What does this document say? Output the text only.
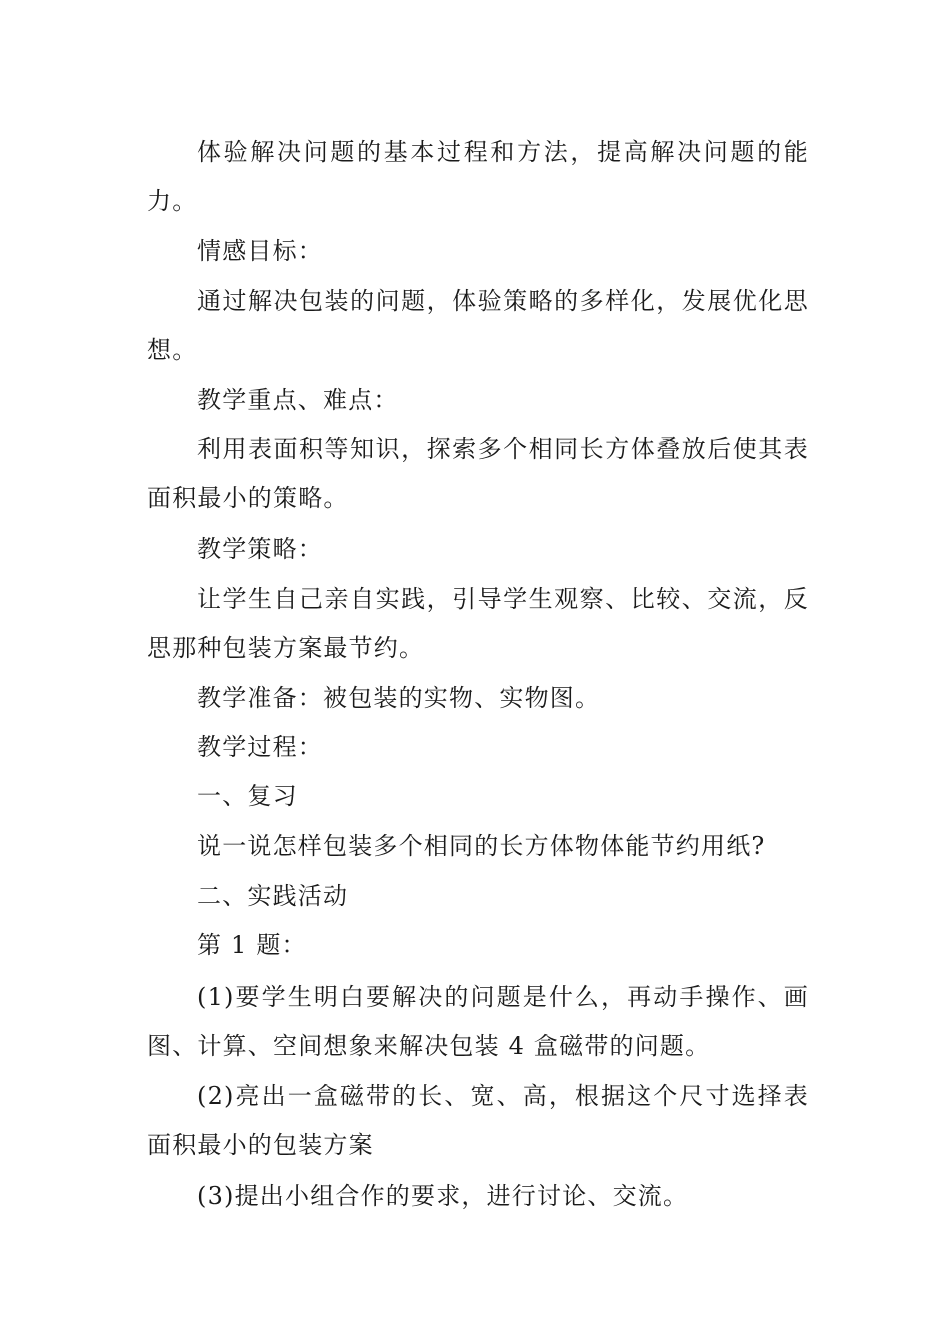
体验解决问题的基本过程和方法，提高解决问题的能力。

情感目标：

通过解决包装的问题，体验策略的多样化，发展优化思想。

教学重点、难点：

利用表面积等知识，探索多个相同长方体叠放后使其表面积最小的策略。

教学策略：

让学生自己亲自实践，引导学生观察、比较、交流，反思那种包装方案最节约。

教学准备：被包装的实物、实物图。

教学过程：

一、复习

说一说怎样包装多个相同的长方体物体能节约用纸?

二、实践活动

第 1 题：

(1)要学生明白要解决的问题是什么，再动手操作、画图、计算、空间想象来解决包装 4 盒磁带的问题。

(2)亮出一盒磁带的长、宽、高，根据这个尺寸选择表面积最小的包装方案

(3)提出小组合作的要求，进行讨论、交流。
